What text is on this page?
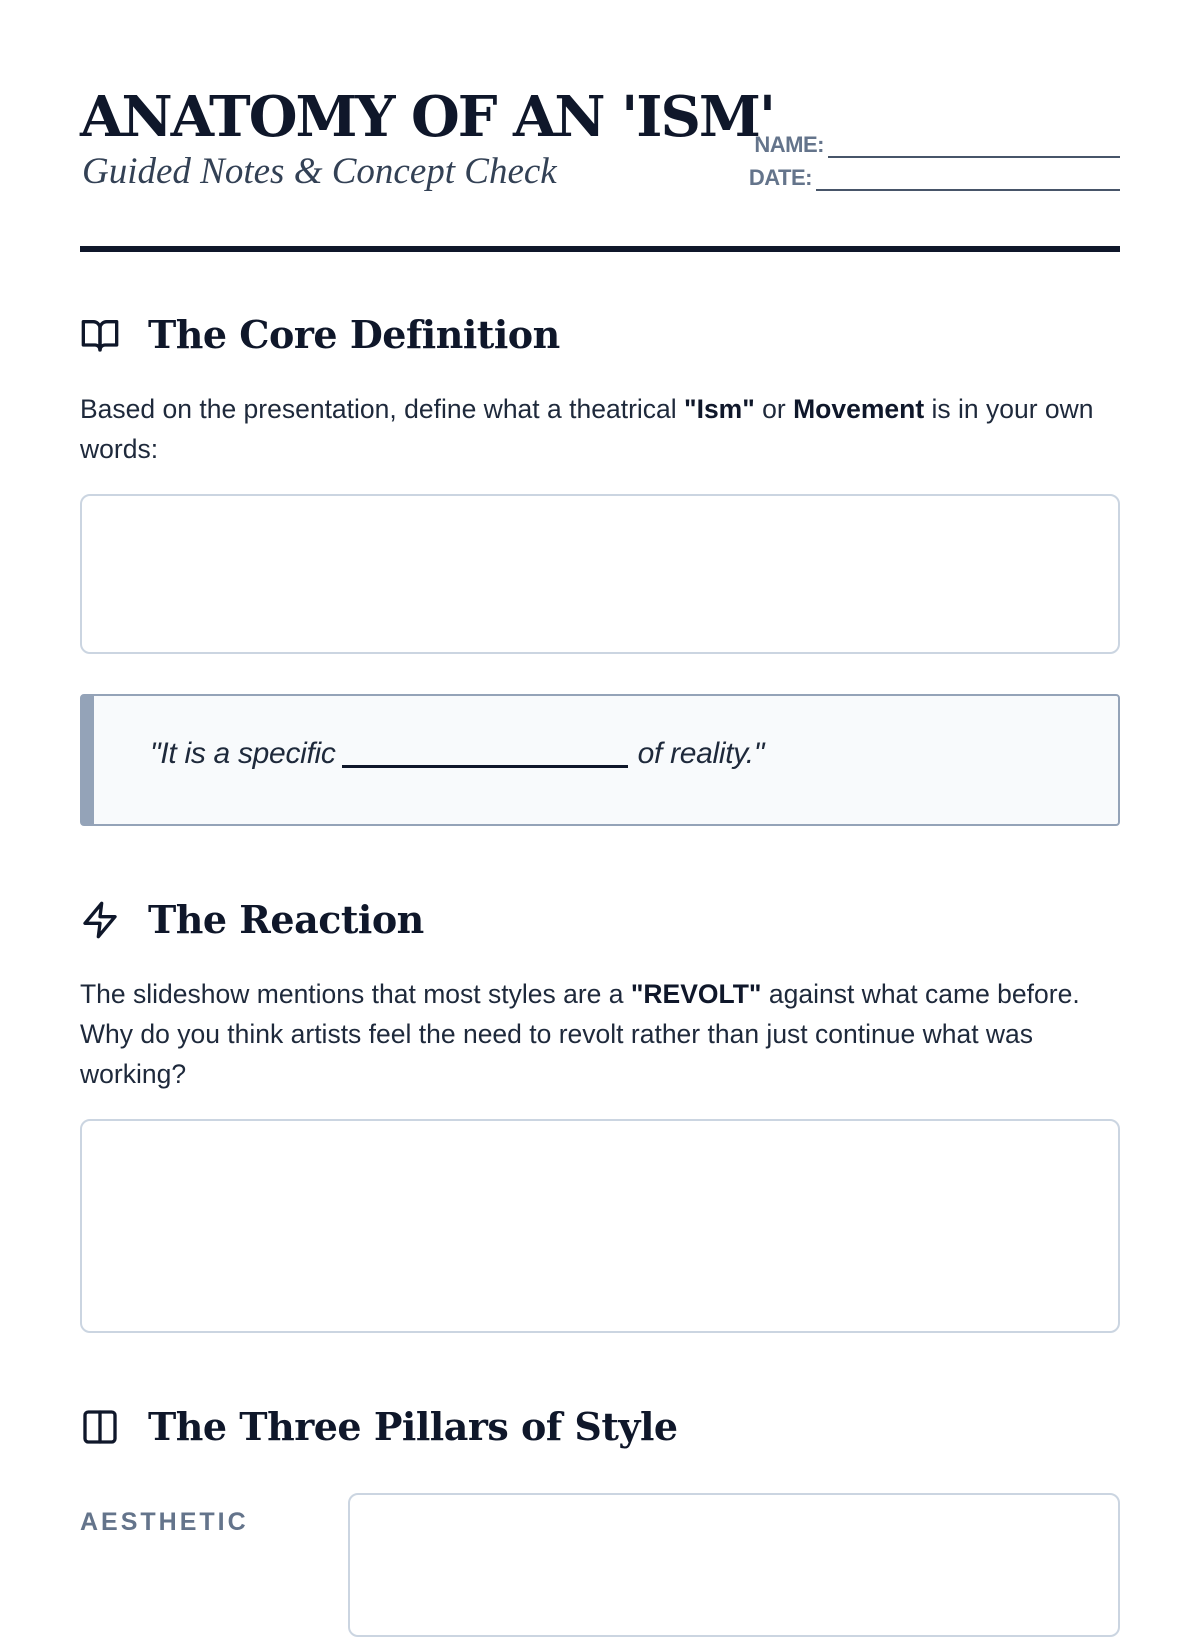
ANATOMY OF AN 'ISM'

Guided Notes & Concept Check

NAME:
DATE:
The Core Definition

Based on the presentation, define what a theatrical "Ism" or Movement is in your own words:

"It is a specific	of reality."
The Reaction

The slideshow mentions that most styles are a "REVOLT" against what came before. Why do you think artists feel the need to revolt rather than just continue what was working?

The Three Pillars of Style

AESTHETIC
